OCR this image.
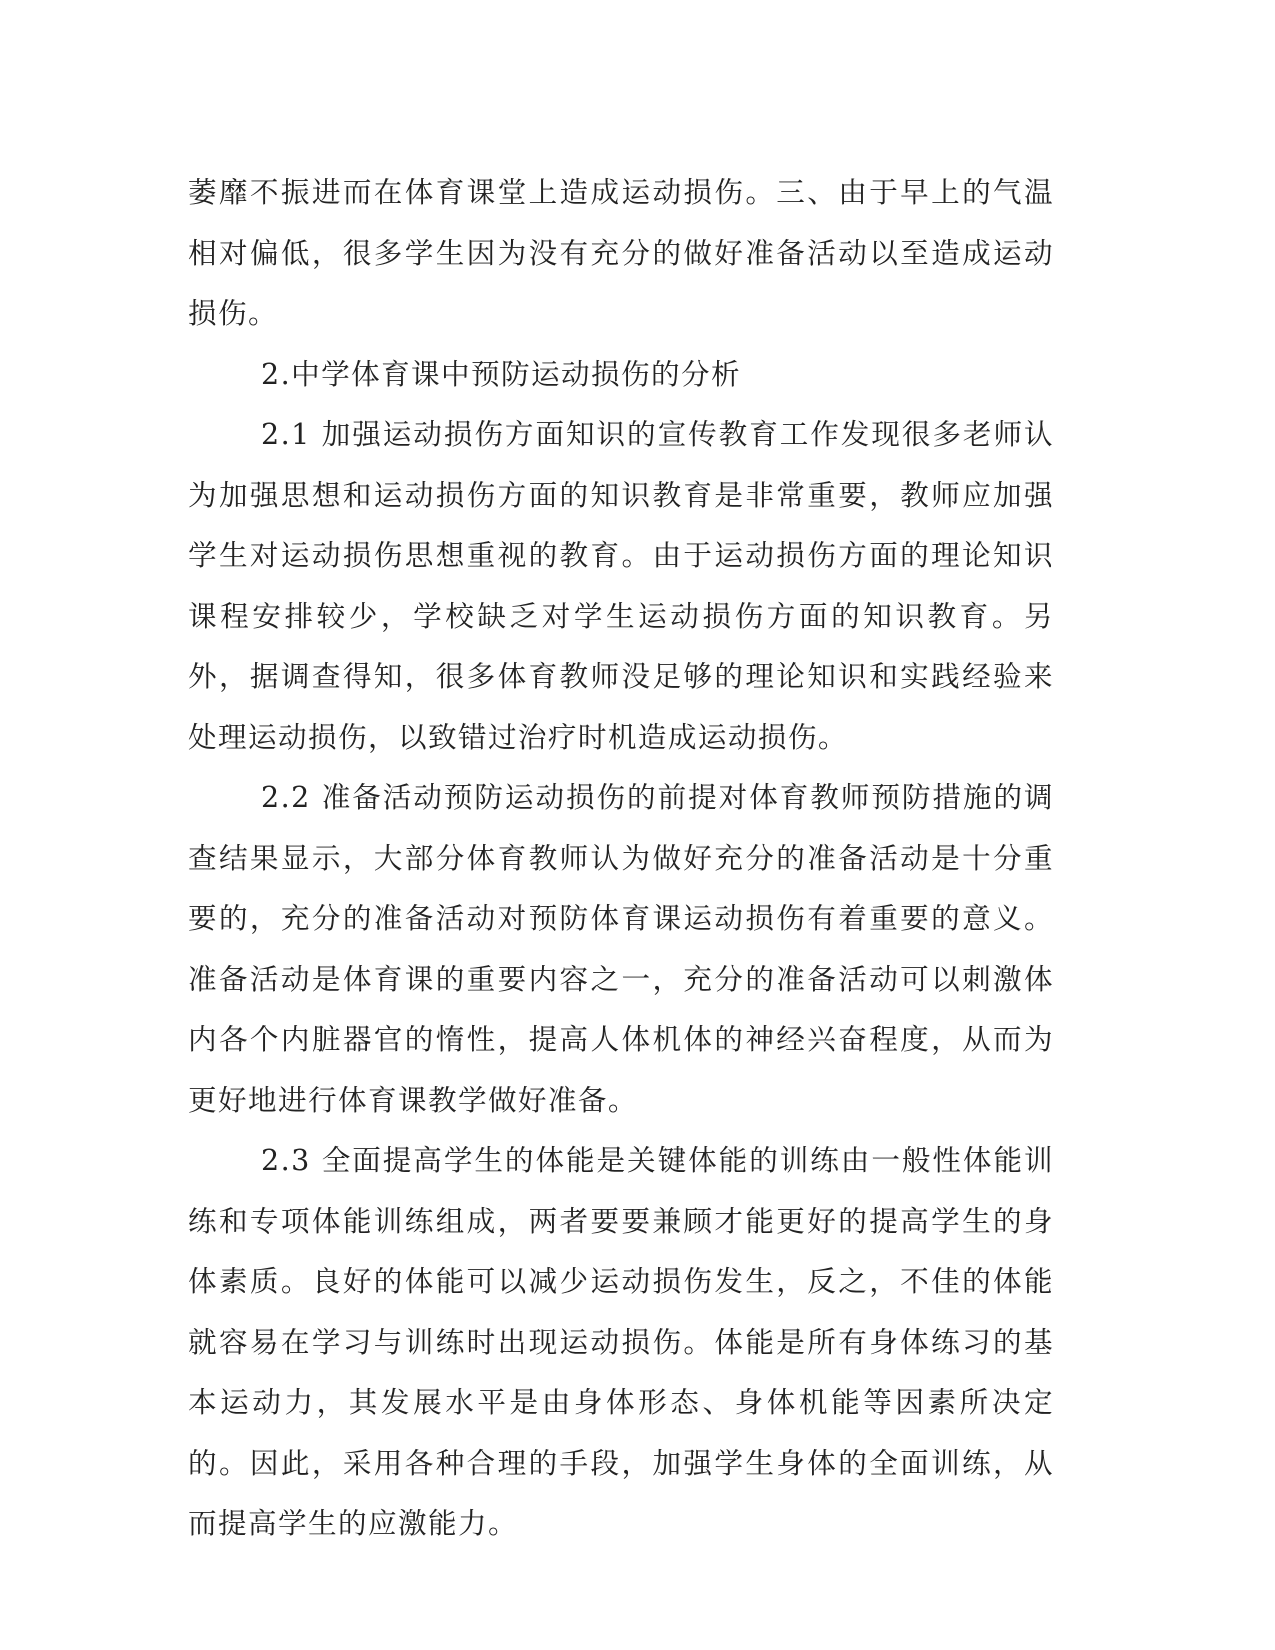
萎靡不振进而在体育课堂上造成运动损伤。三、由于早上的气温相对偏低，很多学生因为没有充分的做好准备活动以至造成运动损伤。

2.中学体育课中预防运动损伤的分析

2.1 加强运动损伤方面知识的宣传教育工作发现很多老师认为加强思想和运动损伤方面的知识教育是非常重要，教师应加强学生对运动损伤思想重视的教育。由于运动损伤方面的理论知识课程安排较少，学校缺乏对学生运动损伤方面的知识教育。另外，据调查得知，很多体育教师没足够的理论知识和实践经验来处理运动损伤，以致错过治疗时机造成运动损伤。

2.2 准备活动预防运动损伤的前提对体育教师预防措施的调查结果显示，大部分体育教师认为做好充分的准备活动是十分重要的，充分的准备活动对预防体育课运动损伤有着重要的意义。准备活动是体育课的重要内容之一，充分的准备活动可以刺激体内各个内脏器官的惰性，提高人体机体的神经兴奋程度，从而为更好地进行体育课教学做好准备。

2.3 全面提高学生的体能是关键体能的训练由一般性体能训练和专项体能训练组成，两者要要兼顾才能更好的提高学生的身体素质。良好的体能可以减少运动损伤发生，反之，不佳的体能就容易在学习与训练时出现运动损伤。体能是所有身体练习的基本运动力，其发展水平是由身体形态、身体机能等因素所决定的。因此，采用各种合理的手段，加强学生身体的全面训练，从而提高学生的应激能力。
